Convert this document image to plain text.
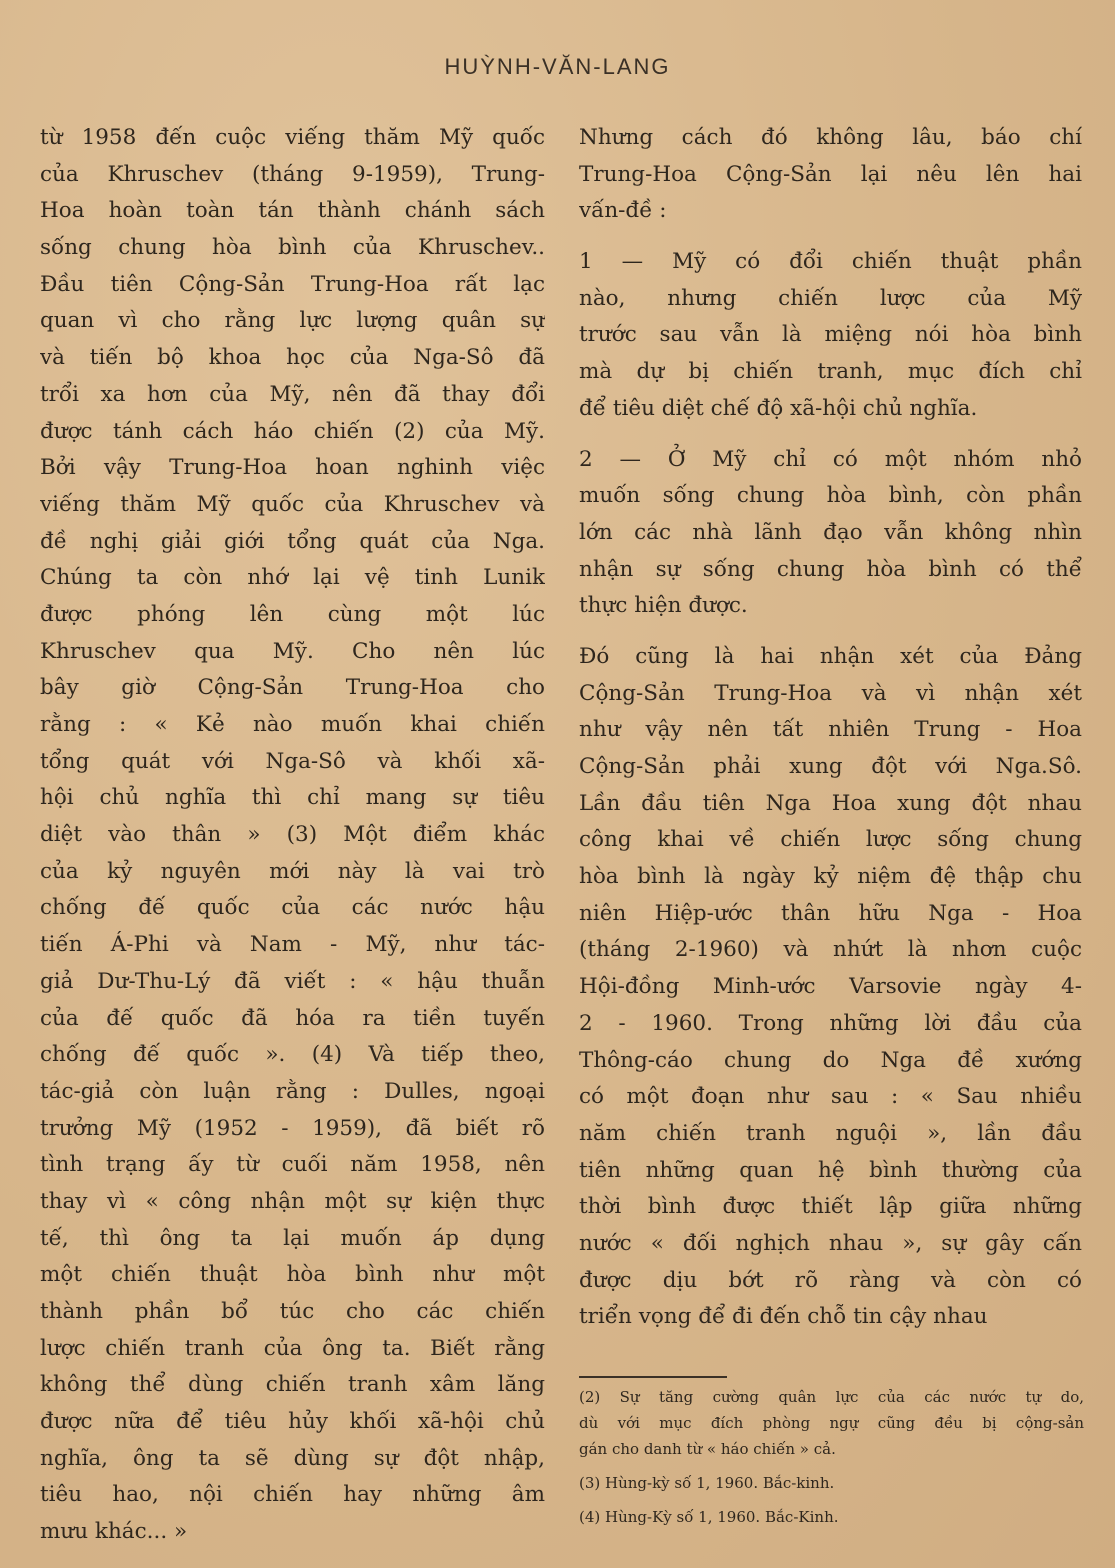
HUỲNH-VĂN-LANG
từ 1958 đến cuộc viếng thăm Mỹ quốc
của Khruschev (tháng 9-1959), Trung-
Hoa hoàn toàn tán thành chánh sách
sống chung hòa bình của Khruschev..
Đầu tiên Cộng-Sản Trung-Hoa rất lạc
quan vì cho rằng lực lượng quân sự
và tiến bộ khoa học của Nga-Sô đã
trổi xa hơn của Mỹ, nên đã thay đổi
được tánh cách háo chiến (2) của Mỹ.
Bởi vậy Trung-Hoa hoan nghinh việc
viếng thăm Mỹ quốc của Khruschev và
đề nghị giải giới tổng quát của Nga.
Chúng ta còn nhớ lại vệ tinh Lunik
được phóng lên cùng một lúc
Khruschev qua Mỹ. Cho nên lúc
bây giờ Cộng-Sản Trung-Hoa cho
rằng : « Kẻ nào muốn khai chiến
tổng quát với Nga-Sô và khối xã-
hội chủ nghĩa thì chỉ mang sự tiêu
diệt vào thân » (3) Một điểm khác
của kỷ nguyên mới này là vai trò
chống đế quốc của các nước hậu
tiến Á-Phi và Nam - Mỹ, như tác-
giả Dư-Thu-Lý đã viết : « hậu thuẫn
của đế quốc đã hóa ra tiền tuyến
chống đế quốc ». (4) Và tiếp theo,
tác-giả còn luận rằng : Dulles, ngoại
trưởng Mỹ (1952 - 1959), đã biết rõ
tình trạng ấy từ cuối năm 1958, nên
thay vì « công nhận một sự kiện thực
tế, thì ông ta lại muốn áp dụng
một chiến thuật hòa bình như một
thành phần bổ túc cho các chiến
lược chiến tranh của ông ta. Biết rằng
không thể dùng chiến tranh xâm lăng
được nữa để tiêu hủy khối xã-hội chủ
nghĩa, ông ta sẽ dùng sự đột nhập,
tiêu hao, nội chiến hay những âm
mưu khác... »
Nhưng cách đó không lâu, báo chí
Trung-Hoa Cộng-Sản lại nêu lên hai
vấn-đề :
1 — Mỹ có đổi chiến thuật phần
nào, nhưng chiến lược của Mỹ
trước sau vẫn là miệng nói hòa bình
mà dự bị chiến tranh, mục đích chỉ
để tiêu diệt chế độ xã-hội chủ nghĩa.
2 — Ở Mỹ chỉ có một nhóm nhỏ
muốn sống chung hòa bình, còn phần
lớn các nhà lãnh đạo vẫn không nhìn
nhận sự sống chung hòa bình có thể
thực hiện được.
Đó cũng là hai nhận xét của Đảng
Cộng-Sản Trung-Hoa và vì nhận xét
như vậy nên tất nhiên Trung - Hoa
Cộng-Sản phải xung đột với Nga.Sô.
Lần đầu tiên Nga Hoa xung đột nhau
công khai về chiến lược sống chung
hòa bình là ngày kỷ niệm đệ thập chu
niên Hiệp-ước thân hữu Nga - Hoa
(tháng 2-1960) và nhứt là nhơn cuộc
Hội-đồng Minh-ước Varsovie ngày 4-
2 - 1960. Trong những lời đầu của
Thông-cáo chung do Nga đề xướng
có một đoạn như sau : « Sau nhiều
năm chiến tranh nguội », lần đầu
tiên những quan hệ bình thường của
thời bình được thiết lập giữa những
nước « đối nghịch nhau », sự gây cấn
được dịu bớt rõ ràng và còn có
triển vọng để đi đến chỗ tin cậy nhau
(2) Sự tăng cường quân lực của các nước tự do,
dù với mục đích phòng ngự cũng đều bị cộng-sản
gán cho danh từ « háo chiến » cả.
(3) Hùng-kỳ số 1, 1960. Bắc-kinh.
(4) Hùng-Kỳ số 1, 1960. Bắc-Kinh.
